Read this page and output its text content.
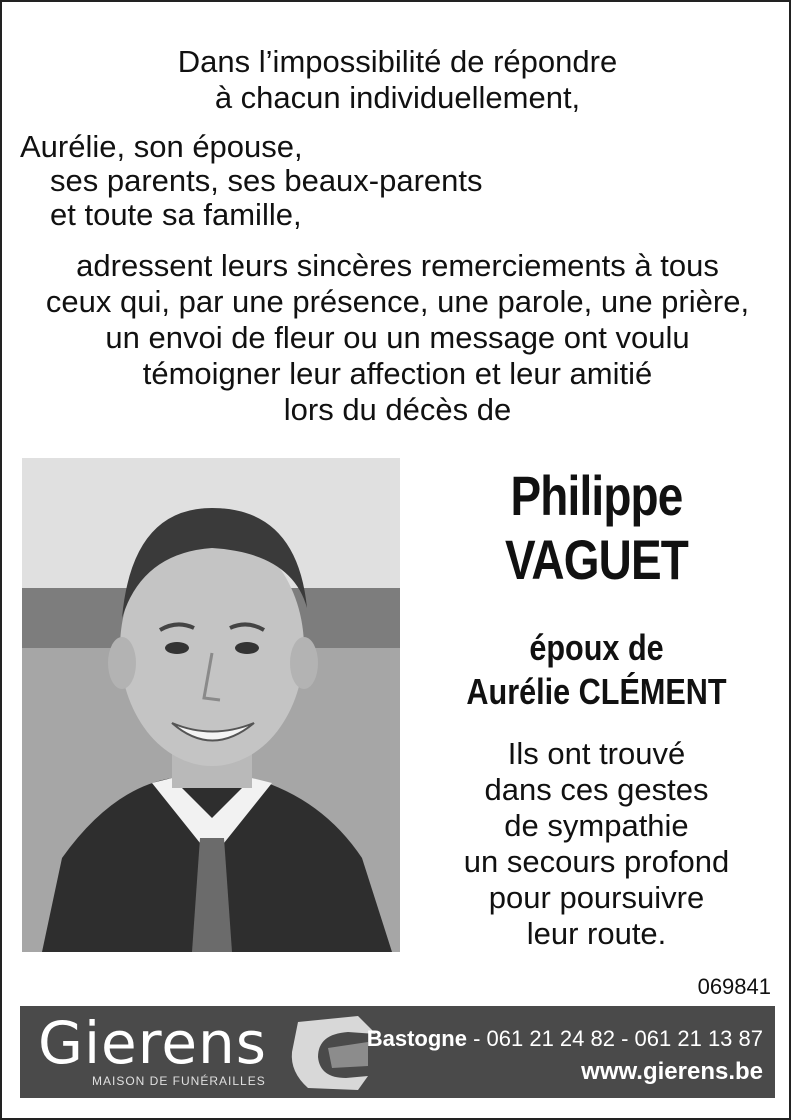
Dans l’impossibilité de répondre
à chacun individuellement,
Aurélie, son épouse,
ses parents, ses beaux-parents
et toute sa famille,
adressent leurs sincères remerciements à tous
ceux qui, par une présence, une parole, une prière,
un envoi de fleur ou un message ont voulu
témoigner leur affection et leur amitié
lors du décès de
Philippe
VAGUET
époux de
Aurélie CLÉMENT
Ils ont trouvé
dans ces gestes
de sympathie
un secours profond
pour poursuivre
leur route.
069841
Gierens
MAISON DE FUNÉRAILLES
Bastogne - 061 21 24 82 - 061 21 13 87
www.gierens.be
